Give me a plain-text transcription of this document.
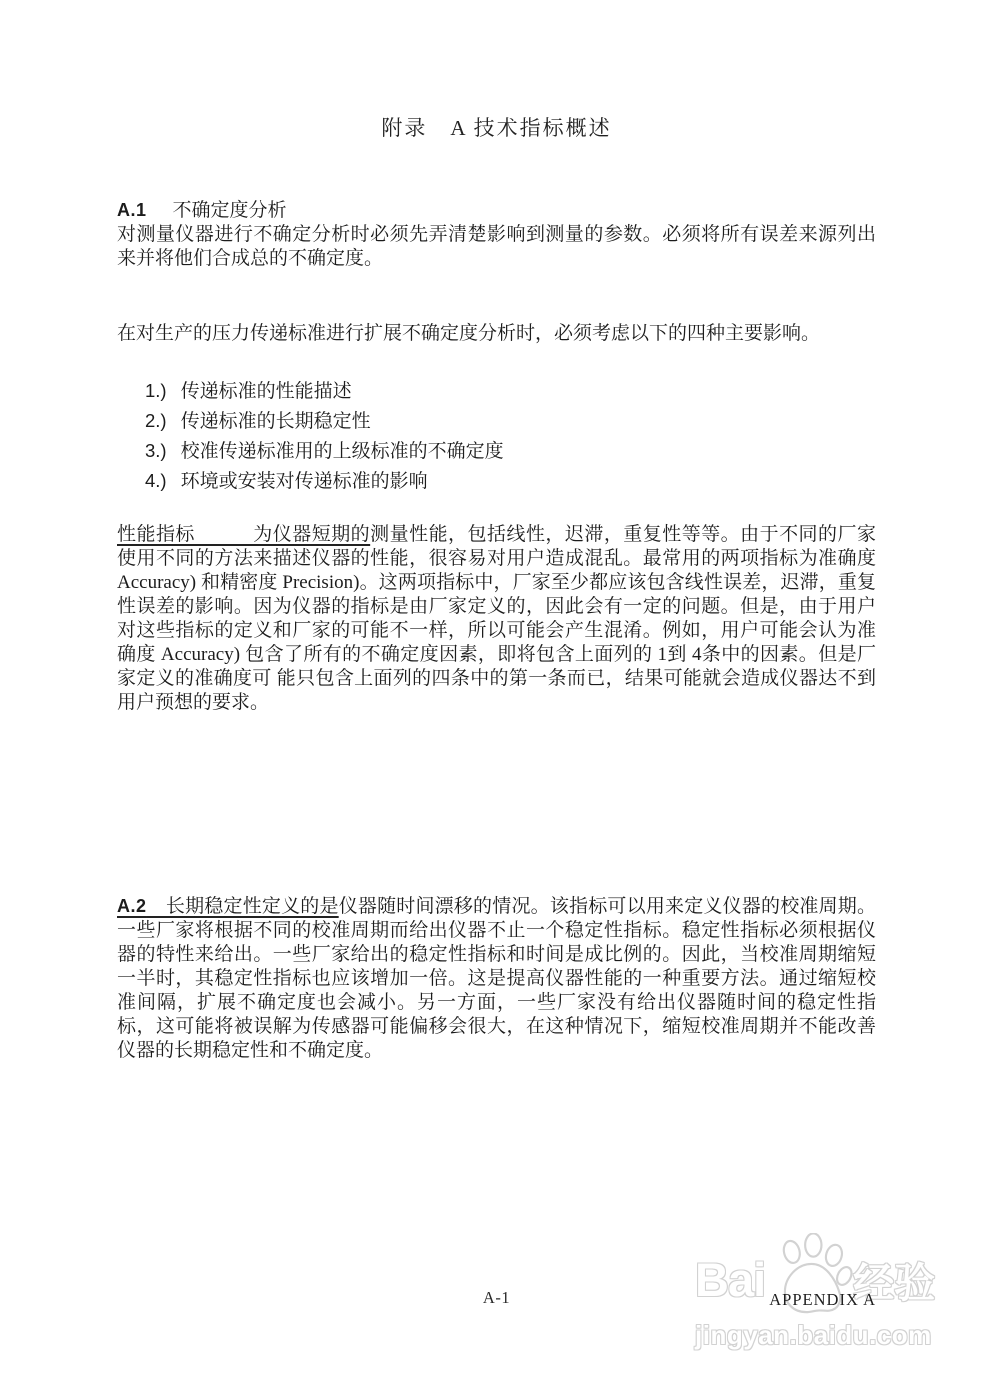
附录　A 技术指标概述
A.1 不确定度分析

对测量仪器进行不确定分析时必须先弄清楚影响到测量的参数。必须将所有误差来源列出来并将他们合成总的不确定度。

在对生产的压力传递标准进行扩展不确定度分析时，必须考虑以下的四种主要影响。

1.) 传递标准的性能描述
2.) 传递标准的长期稳定性
3.) 校准传递标准用的上级标准的不确定度
4.) 环境或安装对传递标准的影响

性能指标　　　为仪器短期的测量性能，包括线性，迟滞，重复性等等。由于不同的厂家使用不同的方法来描述仪器的性能，很容易对用户造成混乱。最常用的两项指标为准确度 Accuracy) 和精密度 Precision)。这两项指标中，厂家至少都应该包含线性误差，迟滞，重复性误差的影响。因为仪器的指标是由厂家定义的，因此会有一定的问题。但是，由于用户对这些指标的定义和厂家的可能不一样，所以可能会产生混淆。例如，用户可能会认为准确度 Accuracy) 包含了所有的不确定度因素，即将包含上面列的 1到 4条中的因素。但是厂家定义的准确度可 能只包含上面列的四条中的第一条而已，结果可能就会造成仪器达不到用户预想的要求。

A.2　长期稳定性定义的是仪器随时间漂移的情况。该指标可以用来定义仪器的校准周期。一些厂家将根据不同的校准周期而给出仪器不止一个稳定性指标。稳定性指标必须根据仪器的特性来给出。一些厂家给出的稳定性指标和时间是成比例的。因此，当校准周期缩短一半时，其稳定性指标也应该增加一倍。这是提高仪器性能的一种重要方法。通过缩短校准间隔，扩展不确定度也会减小。另一方面，一些厂家没有给出仪器随时间的稳定性指标，这可能将被误解为传感器可能偏移会很大，在这种情况下，缩短校准周期并不能改善仪器的长期稳定性和不确定度。

Bai 经验
jingyan.baidu.com
A-1	APPENDIX A
